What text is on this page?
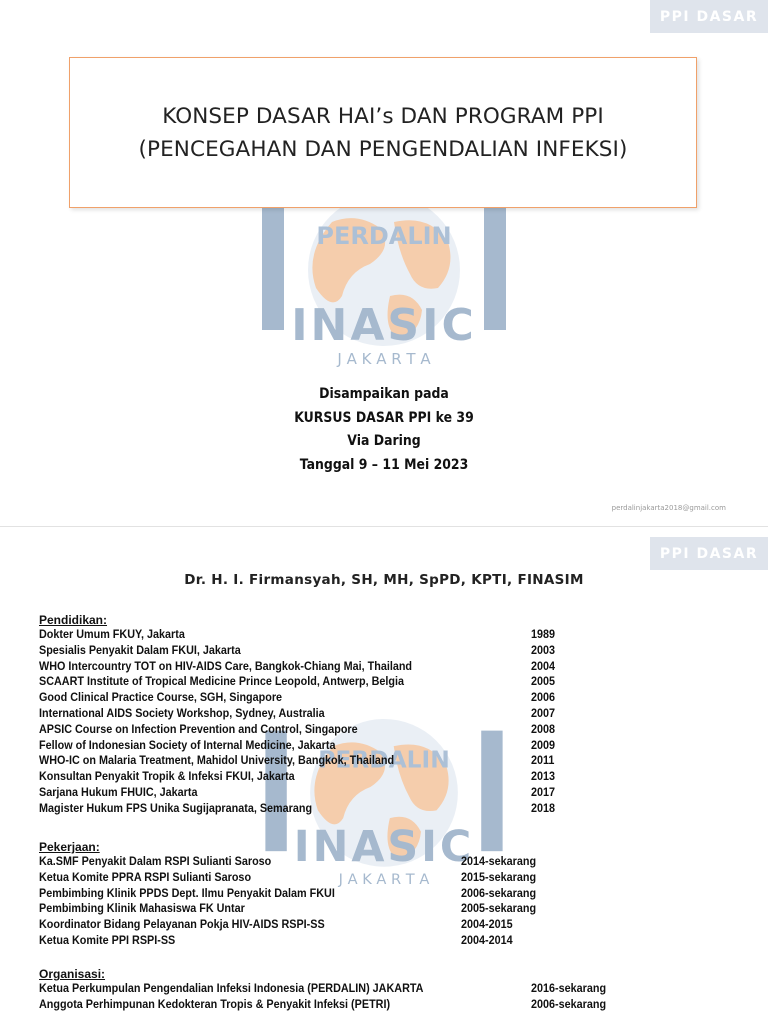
PPI DASAR
PERDALIN
INASIC
J A K A R T A
KONSEP DASAR HAI’s DAN PROGRAM PPI
(PENCEGAHAN DAN PENGENDALIAN INFEKSI)
Disampaikan pada
KURSUS DASAR PPI ke 39
Via Daring
Tanggal 9 – 11 Mei 2023
perdalinjakarta2018@gmail.com
PPI DASAR
PERDALIN
INASIC
J A K A R T A
Dr. H. I. Firmansyah, SH, MH, SpPD, KPTI, FINASIM
Pendidikan:
Dokter Umum FKUY, Jakarta	1989
Spesialis Penyakit Dalam FKUI, Jakarta	2003
WHO Intercountry TOT on HIV-AIDS Care, Bangkok-Chiang Mai, Thailand	2004
SCAART Institute of Tropical Medicine Prince Leopold, Antwerp, Belgia	2005
Good Clinical Practice Course, SGH, Singapore	2006
International AIDS Society Workshop, Sydney, Australia	2007
APSIC Course on Infection Prevention and Control, Singapore	2008
Fellow of Indonesian Society of Internal Medicine, Jakarta	2009
WHO-IC on Malaria Treatment, Mahidol University, Bangkok, Thailand	2011
Konsultan Penyakit Tropik & Infeksi FKUI, Jakarta	2013
Sarjana Hukum FHUIC, Jakarta	2017
Magister Hukum FPS Unika Sugijapranata, Semarang	2018
Pekerjaan:
Ka.SMF Penyakit Dalam RSPI Sulianti Saroso	2014-sekarang
Ketua Komite PPRA RSPI Sulianti Saroso	2015-sekarang
Pembimbing Klinik PPDS Dept. Ilmu Penyakit Dalam FKUI	2006-sekarang
Pembimbing Klinik Mahasiswa FK Untar	2005-sekarang
Koordinator Bidang Pelayanan Pokja HIV-AIDS RSPI-SS	2004-2015
Ketua Komite PPI RSPI-SS	2004-2014
Organisasi:
Ketua Perkumpulan Pengendalian Infeksi Indonesia (PERDALIN) JAKARTA	2016-sekarang
Anggota Perhimpunan Kedokteran Tropis & Penyakit Infeksi (PETRI)	2006-sekarang
